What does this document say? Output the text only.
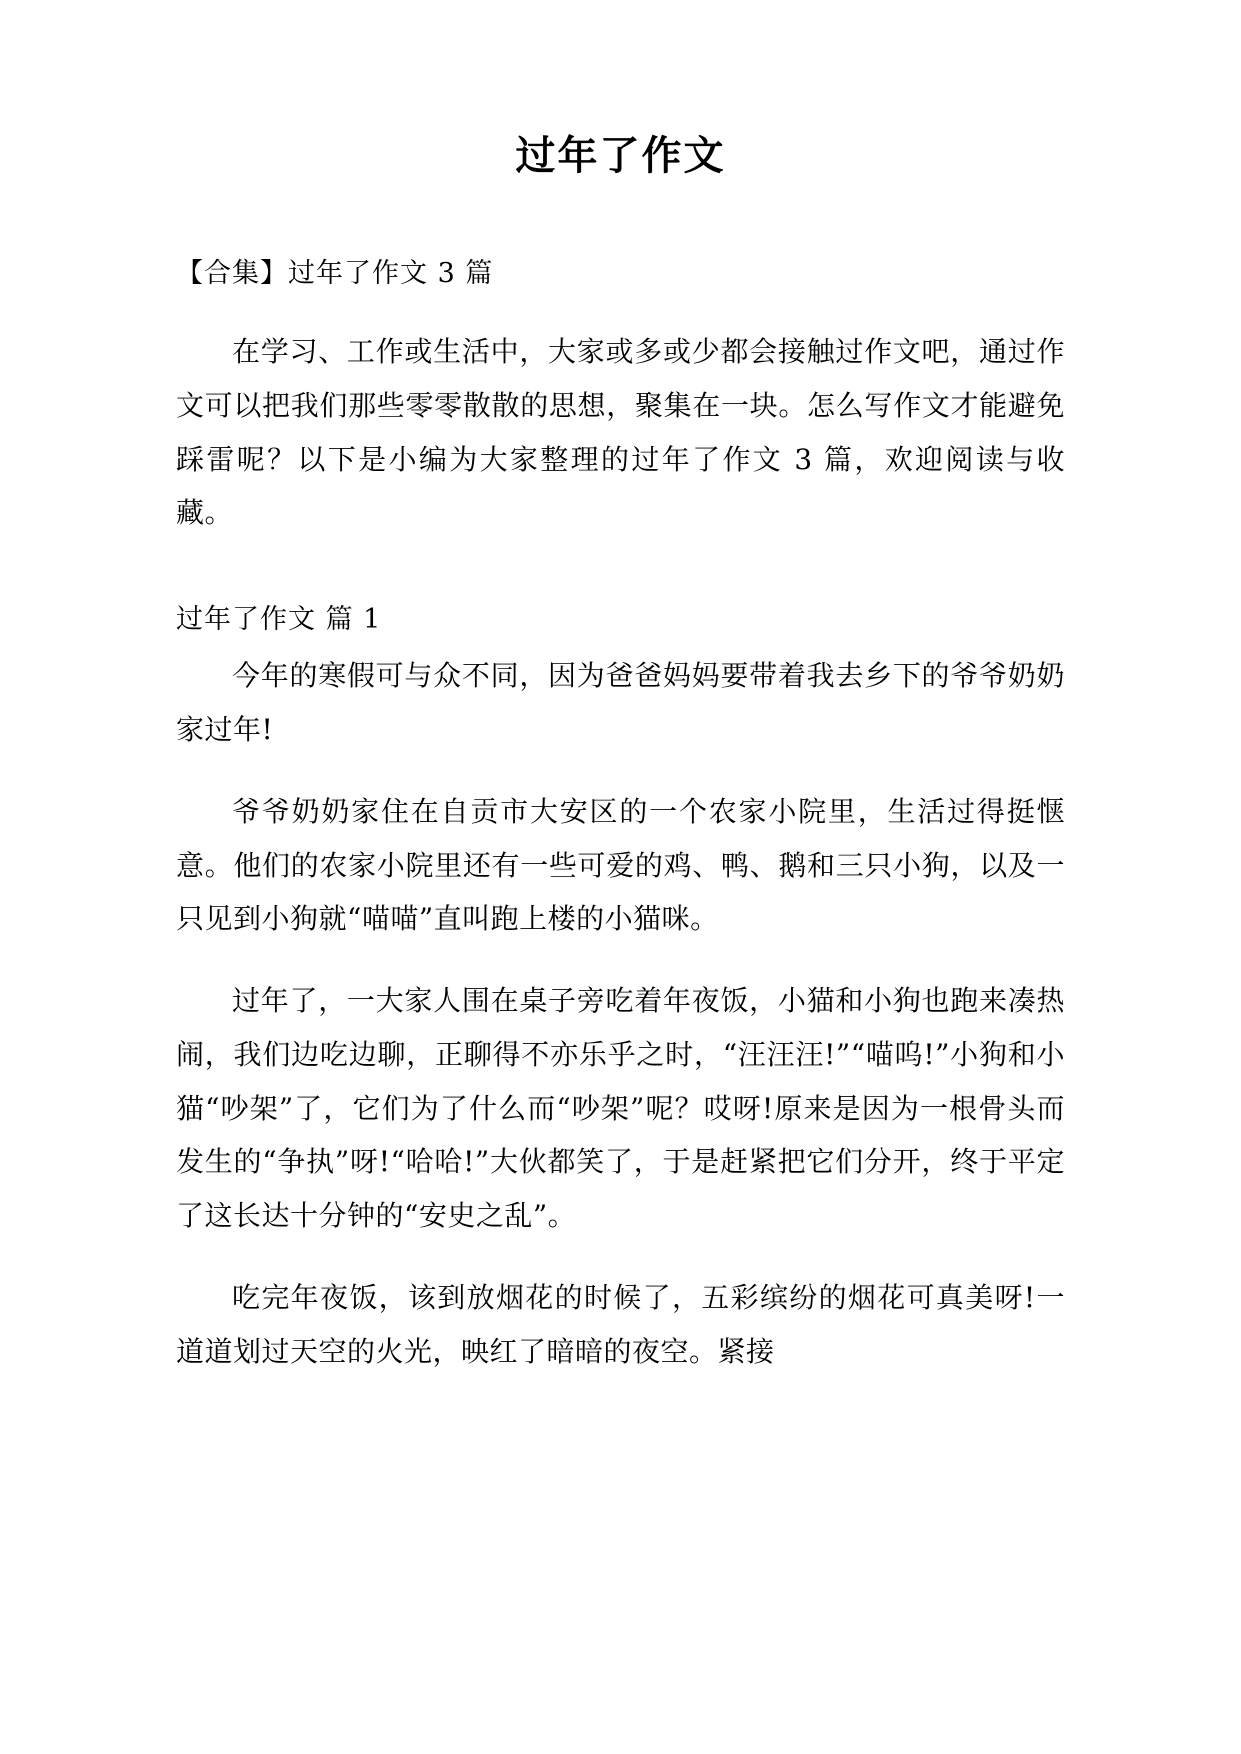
过年了作文
【合集】过年了作文 3 篇

在学习、工作或生活中，大家或多或少都会接触过作文吧，通过作文可以把我们那些零零散散的思想，聚集在一块。怎么写作文才能避免踩雷呢？以下是小编为大家整理的过年了作文 3 篇，欢迎阅读与收藏。

过年了作文 篇 1

今年的寒假可与众不同，因为爸爸妈妈要带着我去乡下的爷爷奶奶家过年!

爷爷奶奶家住在自贡市大安区的一个农家小院里，生活过得挺惬意。他们的农家小院里还有一些可爱的鸡、鸭、鹅和三只小狗，以及一只见到小狗就“喵喵”直叫跑上楼的小猫咪。

过年了，一大家人围在桌子旁吃着年夜饭，小猫和小狗也跑来凑热闹，我们边吃边聊，正聊得不亦乐乎之时，“汪汪汪!”“喵呜!”小狗和小猫“吵架”了，它们为了什么而“吵架”呢？哎呀!原来是因为一根骨头而发生的“争执”呀!“哈哈!”大伙都笑了，于是赶紧把它们分开，终于平定了这长达十分钟的“安史之乱”。

吃完年夜饭，该到放烟花的时候了，五彩缤纷的烟花可真美呀!一道道划过天空的火光，映红了暗暗的夜空。紧接
